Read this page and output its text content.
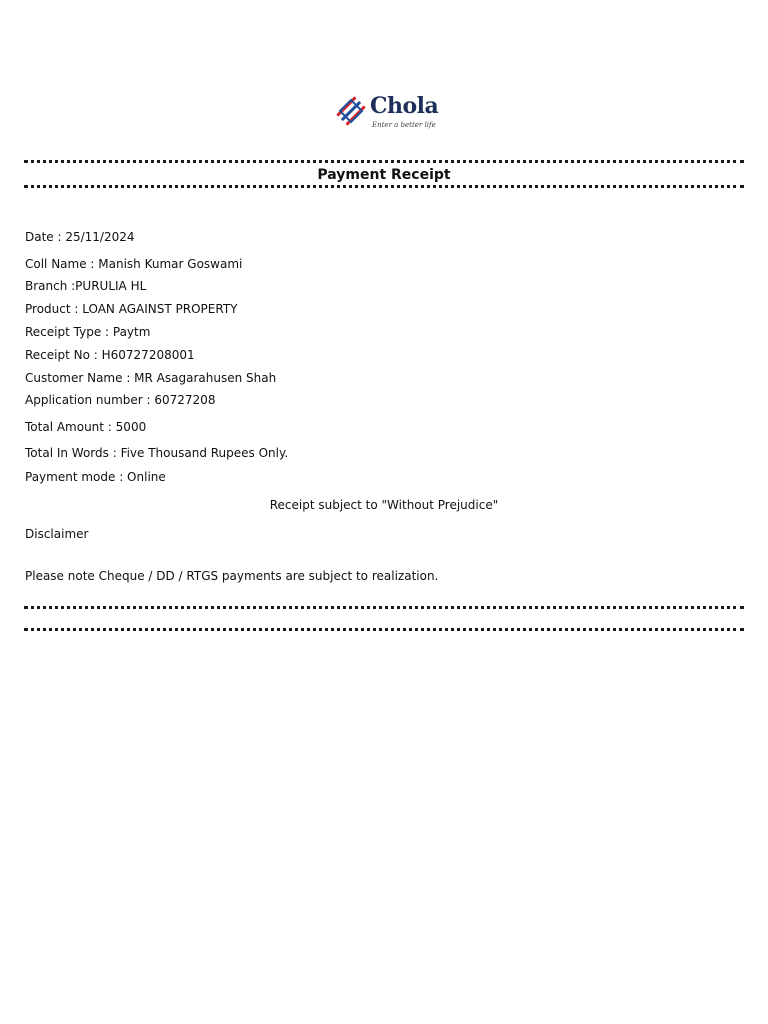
Chola
Enter a better life
Payment Receipt
Date : 25/11/2024
Coll Name : Manish Kumar Goswami
Branch :PURULIA HL
Product : LOAN AGAINST PROPERTY
Receipt Type : Paytm
Receipt No : H60727208001
Customer Name : MR Asagarahusen Shah
Application number : 60727208
Total Amount : 5000
Total In Words : Five Thousand Rupees Only.
Payment mode : Online
Receipt subject to "Without Prejudice"
Disclaimer
Please note Cheque / DD / RTGS payments are subject to realization.
